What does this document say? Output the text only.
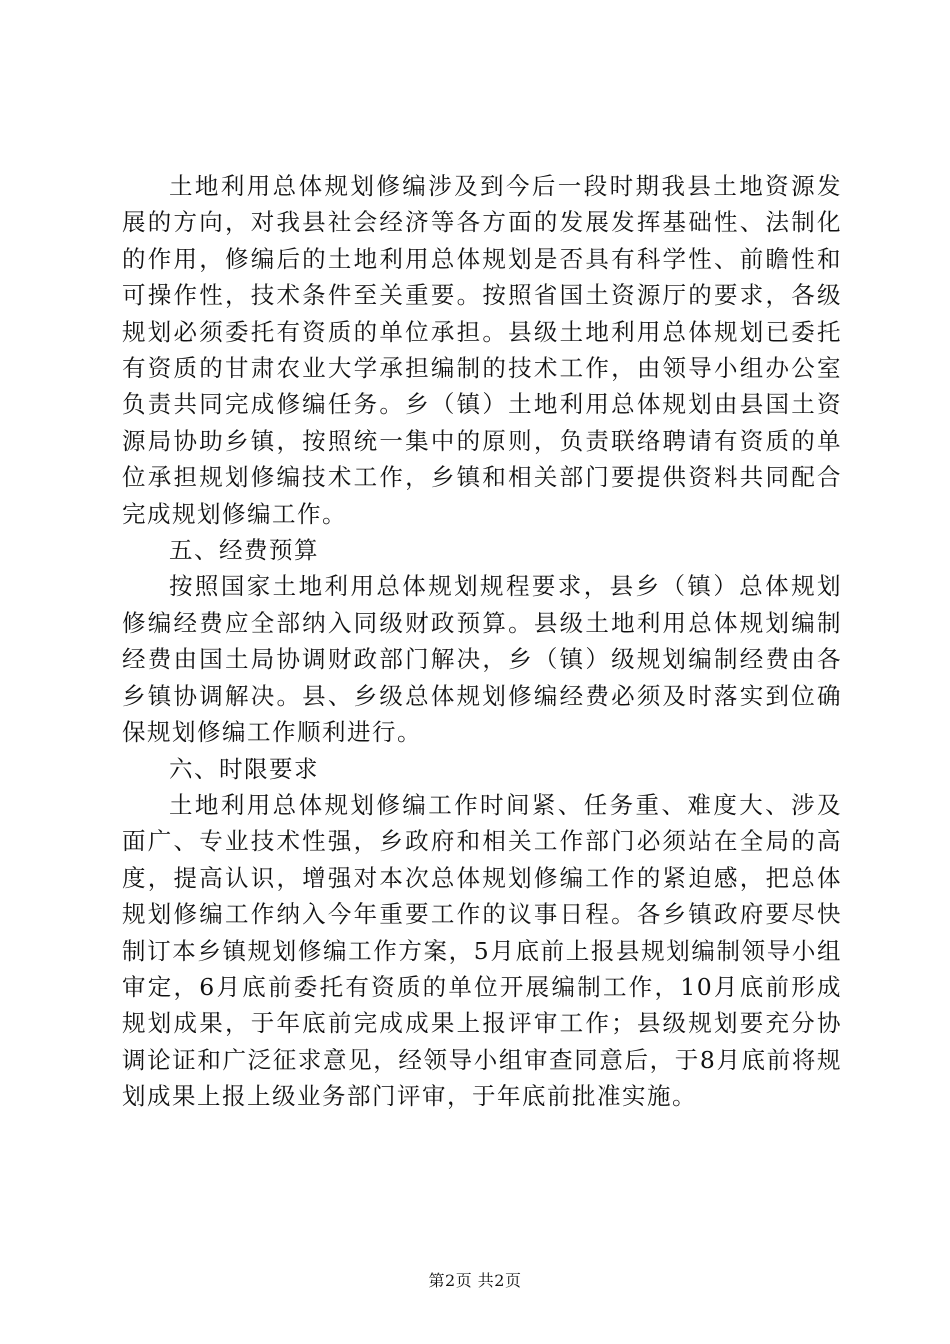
土地利用总体规划修编涉及到今后一段时期我县土地资源发展的方向，对我县社会经济等各方面的发展发挥基础性、法制化的作用，修编后的土地利用总体规划是否具有科学性、前瞻性和可操作性，技术条件至关重要。按照省国土资源厅的要求，各级规划必须委托有资质的单位承担。县级土地利用总体规划已委托有资质的甘肃农业大学承担编制的技术工作，由领导小组办公室负责共同完成修编任务。乡（镇）土地利用总体规划由县国土资源局协助乡镇，按照统一集中的原则，负责联络聘请有资质的单位承担规划修编技术工作，乡镇和相关部门要提供资料共同配合完成规划修编工作。

五、经费预算

按照国家土地利用总体规划规程要求，县乡（镇）总体规划修编经费应全部纳入同级财政预算。县级土地利用总体规划编制经费由国土局协调财政部门解决，乡（镇）级规划编制经费由各乡镇协调解决。县、乡级总体规划修编经费必须及时落实到位确保规划修编工作顺利进行。

六、时限要求

土地利用总体规划修编工作时间紧、任务重、难度大、涉及面广、专业技术性强，乡政府和相关工作部门必须站在全局的高度，提高认识，增强对本次总体规划修编工作的紧迫感，把总体规划修编工作纳入今年重要工作的议事日程。各乡镇政府要尽快制订本乡镇规划修编工作方案，5月底前上报县规划编制领导小组审定，6月底前委托有资质的单位开展编制工作，10月底前形成规划成果，于年底前完成成果上报评审工作；县级规划要充分协调论证和广泛征求意见，经领导小组审查同意后，于8月底前将规划成果上报上级业务部门评审，于年底前批准实施。

第2页 共2页
